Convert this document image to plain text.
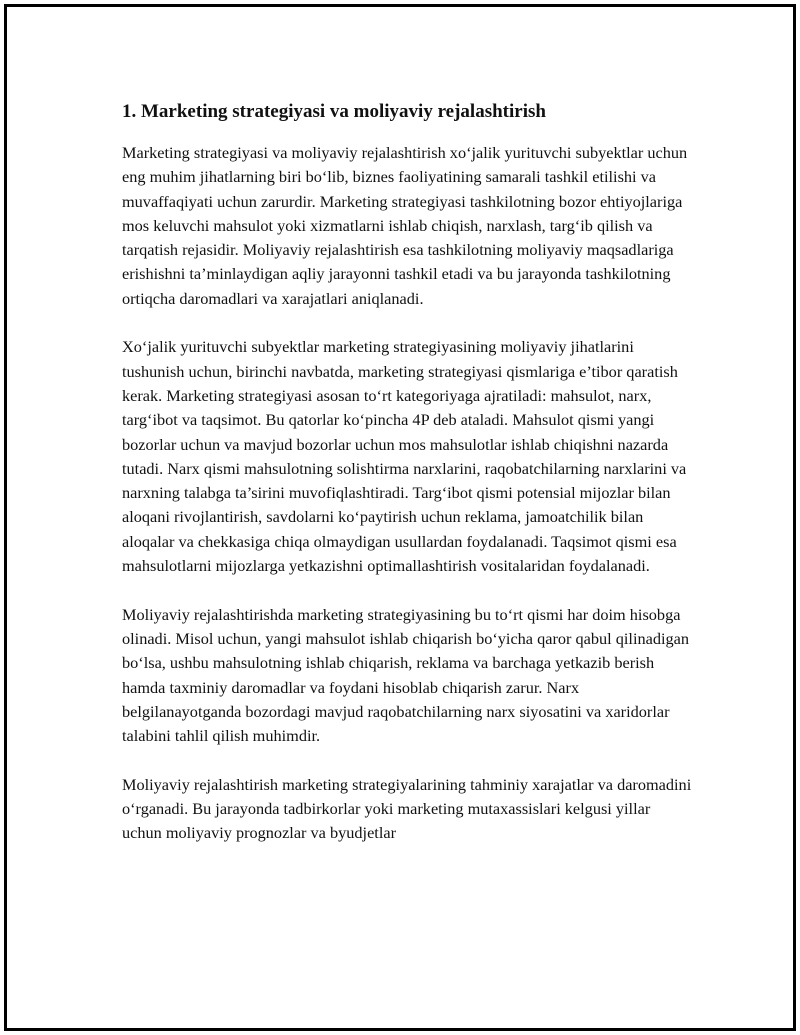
1. Marketing strategiyasi va moliyaviy rejalashtirish

Marketing strategiyasi va moliyaviy rejalashtirish xo‘jalik yurituvchi subyektlar uchun eng muhim jihatlarning biri bo‘lib, biznes faoliyatining samarali tashkil etilishi va muvaffaqiyati uchun zarurdir. Marketing strategiyasi tashkilotning bozor ehtiyojlariga mos keluvchi mahsulot yoki xizmatlarni ishlab chiqish, narxlash, targ‘ib qilish va tarqatish rejasidir. Moliyaviy rejalashtirish esa tashkilotning moliyaviy maqsadlariga erishishni ta’minlaydigan aqliy jarayonni tashkil etadi va bu jarayonda tashkilotning ortiqcha daromadlari va xarajatlari aniqlanadi.

Xo‘jalik yurituvchi subyektlar marketing strategiyasining moliyaviy jihatlarini tushunish uchun, birinchi navbatda, marketing strategiyasi qismlariga e’tibor qaratish kerak. Marketing strategiyasi asosan to‘rt kategoriyaga ajratiladi: mahsulot, narx, targ‘ibot va taqsimot. Bu qatorlar ko‘pincha 4P deb ataladi. Mahsulot qismi yangi bozorlar uchun va mavjud bozorlar uchun mos mahsulotlar ishlab chiqishni nazarda tutadi. Narx qismi mahsulotning solishtirma narxlarini, raqobatchilarning narxlarini va narxning talabga ta’sirini muvofiqlashtiradi. Targ‘ibot qismi potensial mijozlar bilan aloqani rivojlantirish, savdolarni ko‘paytirish uchun reklama, jamoatchilik bilan aloqalar va chekkasiga chiqa olmaydigan usullardan foydalanadi. Taqsimot qismi esa mahsulotlarni mijozlarga yetkazishni optimallashtirish vositalaridan foydalanadi.

Moliyaviy rejalashtirishda marketing strategiyasining bu to‘rt qismi har doim hisobga olinadi. Misol uchun, yangi mahsulot ishlab chiqarish bo‘yicha qaror qabul qilinadigan bo‘lsa, ushbu mahsulotning ishlab chiqarish, reklama va barchaga yetkazib berish hamda taxminiy daromadlar va foydani hisoblab chiqarish zarur. Narx belgilanayotganda bozordagi mavjud raqobatchilarning narx siyosatini va xaridorlar talabini tahlil qilish muhimdir.

Moliyaviy rejalashtirish marketing strategiyalarining tahminiy xarajatlar va daromadini o‘rganadi. Bu jarayonda tadbirkorlar yoki marketing mutaxassislari kelgusi yillar uchun moliyaviy prognozlar va byudjetlar
